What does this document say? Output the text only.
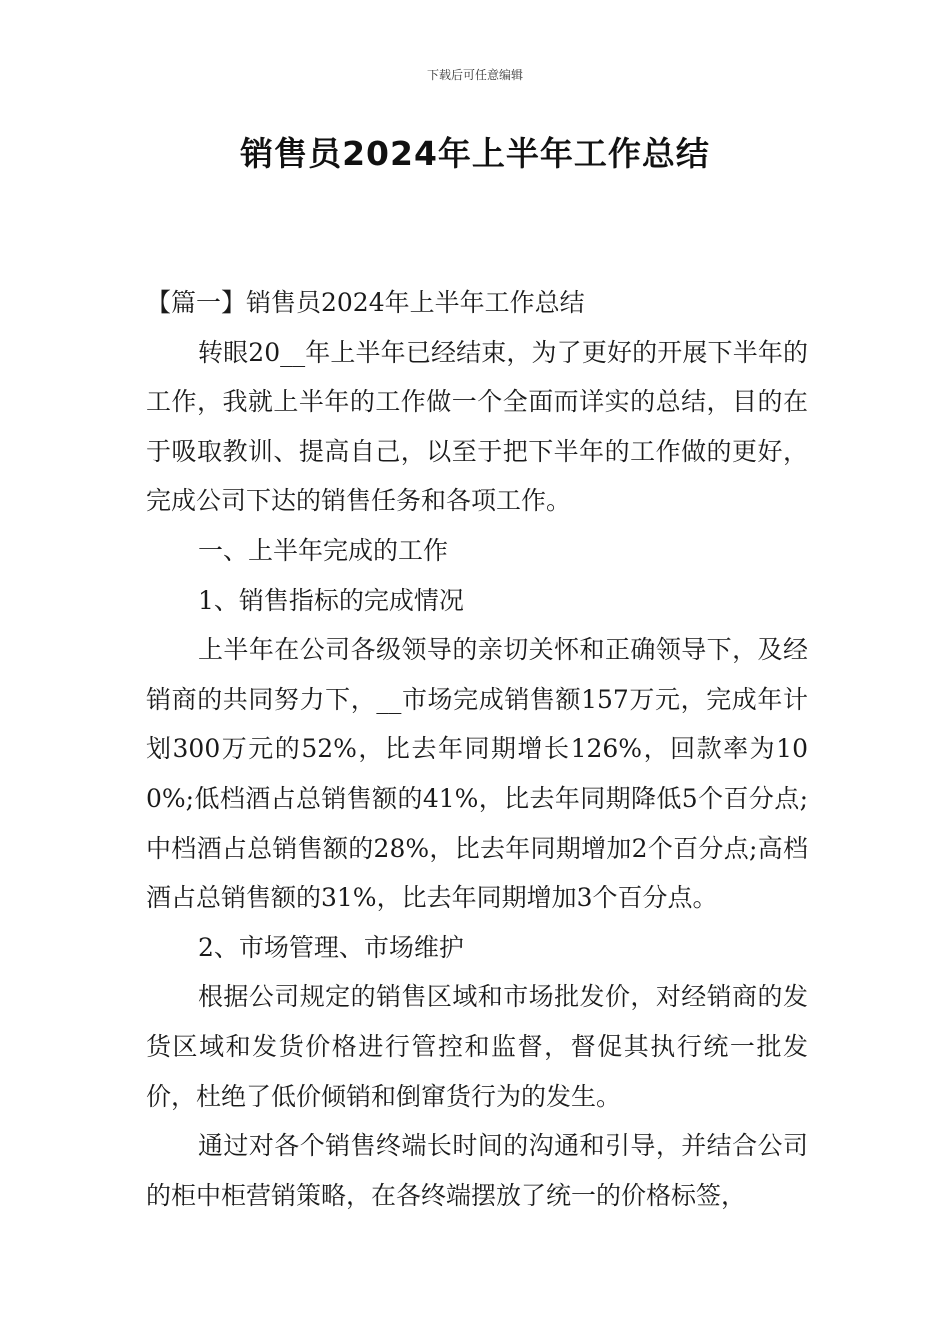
下载后可任意编辑
销售员2024年上半年工作总结

【篇一】销售员2024年上半年工作总结

转眼20__年上半年已经结束，为了更好的开展下半年的工作，我就上半年的工作做一个全面而详实的总结，目的在于吸取教训、提高自己，以至于把下半年的工作做的更好，完成公司下达的销售任务和各项工作。

一、上半年完成的工作

1、销售指标的完成情况

上半年在公司各级领导的亲切关怀和正确领导下，及经销商的共同努力下，__市场完成销售额157万元，完成年计划300万元的52%，比去年同期增长126%，回款率为100%;低档酒占总销售额的41%，比去年同期降低5个百分点;中档酒占总销售额的28%，比去年同期增加2个百分点;高档酒占总销售额的31%，比去年同期增加3个百分点。

2、市场管理、市场维护

根据公司规定的销售区域和市场批发价，对经销商的发货区域和发货价格进行管控和监督，督促其执行统一批发价，杜绝了低价倾销和倒窜货行为的发生。

通过对各个销售终端长时间的沟通和引导，并结合公司的柜中柜营销策略，在各终端摆放了统一的价格标签，
